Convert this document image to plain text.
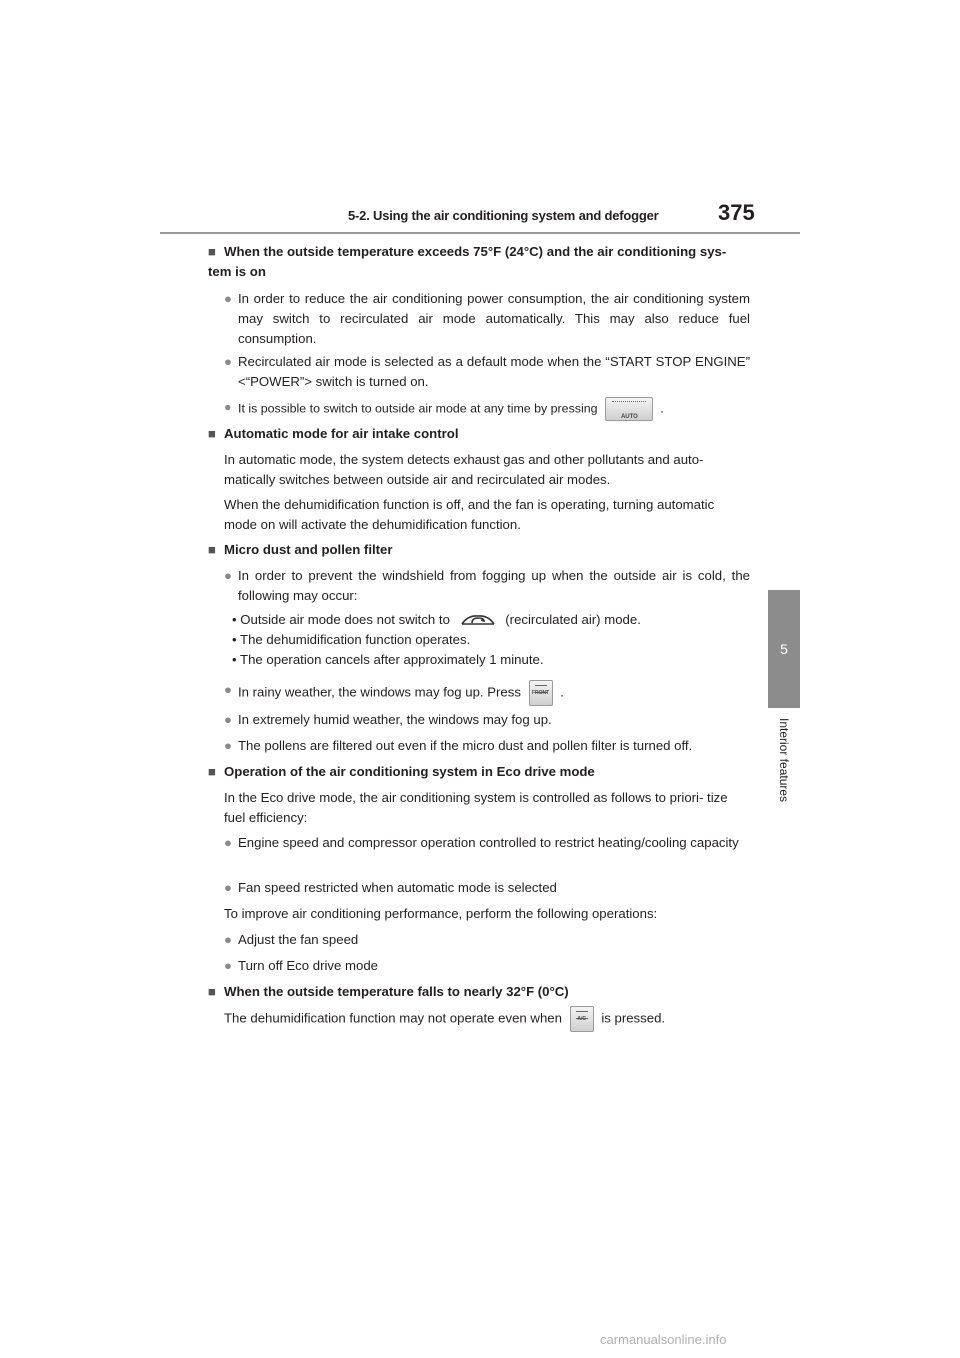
5-2. Using the air conditioning system and defogger	375
5
Interior features
■ When the outside temperature exceeds 75°F (24°C) and the air conditioning sys- tem is on
● In order to reduce the air conditioning power consumption, the air conditioning system may switch to recirculated air mode automatically. This may also reduce fuel consumption.
● Recirculated air mode is selected as a default mode when the “START STOP ENGINE” <“POWER”> switch is turned on.
● It is possible to switch to outside air mode at any time by pressing
AUTO
.
■ Automatic mode for air intake control
In automatic mode, the system detects exhaust gas and other pollutants and auto- matically switches between outside air and recirculated air modes.
When the dehumidification function is off, and the fan is operating, turning automatic mode on will activate the dehumidification function.
■ Micro dust and pollen filter
● In order to prevent the windshield from fogging up when the outside air is cold, the following may occur:
• Outside air mode does not switch to	(recirculated air) mode.
• The dehumidification function operates.
• The operation cancels after approximately 1 minute.
● In rainy weather, the windows may fog up. Press	FRONT .
● In extremely humid weather, the windows may fog up.
● The pollens are filtered out even if the micro dust and pollen filter is turned off.
■ Operation of the air conditioning system in Eco drive mode
In the Eco drive mode, the air conditioning system is controlled as follows to priori- tize fuel efficiency:
● Engine speed and compressor operation controlled to restrict heating/cooling capacity
● Fan speed restricted when automatic mode is selected
To improve air conditioning performance, perform the following operations:
● Adjust the fan speed
● Turn off Eco drive mode
■ When the outside temperature falls to nearly 32°F (0°C)
The dehumidification function may not operate even when	A/C	is pressed.
carmanualsonline.info
